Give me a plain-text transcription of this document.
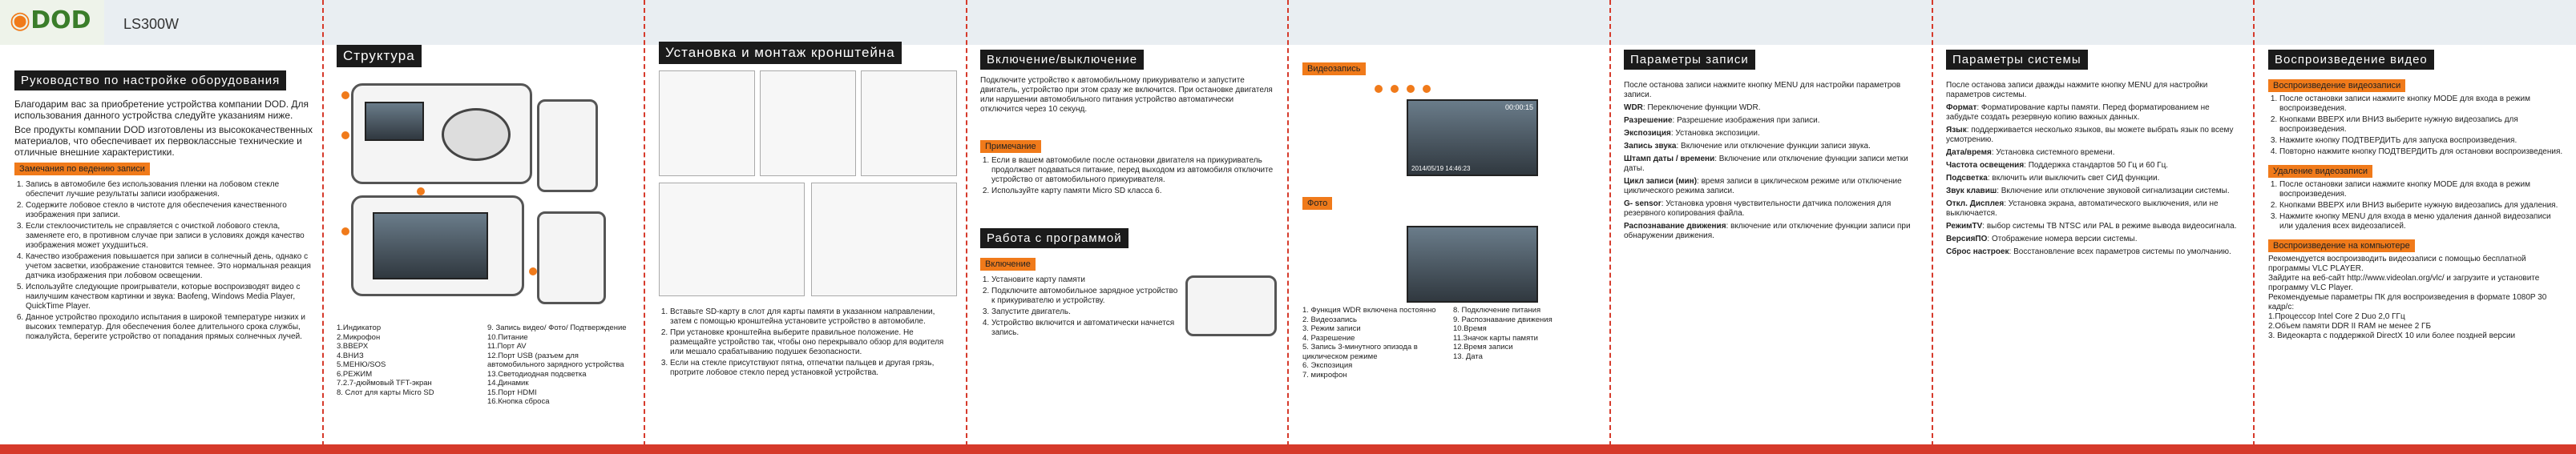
◉DOD LS300W
Руководство по настройке оборудования

Благодарим вас за приобретение устройства компании DOD. Для использования данного устройства следуйте указаниям ниже.

Все продукты компании DOD изготовлены из высококачественных материалов, что обеспечивает их первоклассные технические и отличные внешние характеристики.

Замечания по ведению записи
1. Запись в автомобиле без использования пленки на лобовом стекле обеспечит лучшие результаты записи изображения.
2. Содержите лобовое стекло в чистоте для обеспечения качественного изображения при записи.
3. Если стеклоочиститель не справляется с очисткой лобового стекла, заменяете его, в противном случае при записи в условиях дождя качество изображения может ухудшиться.
4. Качество изображения повышается при записи в солнечный день, однако с учетом засветки, изображение становится темнее. Это нормальная реакция датчика изображения при лобовом освещении.
5. Используйте следующие проигрыватели, которые воспроизводят видео с наилучшим качеством картинки и звука: Baofeng, Windows Media Player, QuickTime Player.
6. Данное устройство проходило испытания в широкой температуре низких и высоких температур. Для обеспечения более длительного срока службы, пожалуйста, берегите устройство от попадания прямых солнечных лучей.
Структура
1.Индикатор
2.Микрофон
3.ВВЕРХ
4.ВНИЗ
5.МЕНЮ/SOS
6.РЕЖИМ
7.2.7-дюймовый TFT-экран
8. Слот для карты Micro SD
9. Запись видео/ Фото/ Подтверждение
10.Питание
11.Порт AV
12.Порт USB (разъем для автомобильного зарядного устройства
13.Светодиодная подсветка
14.Динамик
15.Порт HDMI
16.Кнопка сброса
Установка и монтаж кронштейна
1. Вставьте SD-карту в слот для карты памяти в указанном направлении, затем с помощью кронштейна установите устройство в автомобиле.
2. При установке кронштейна выберите правильное положение. Не размещайте устройство так, чтобы оно перекрывало обзор для водителя или мешало срабатыванию подушек безопасности.
3. Если на стекле присутствуют пятна, отпечатки пальцев и другая грязь, протрите лобовое стекло перед установкой устройства.
Включение/выключение
Подключите устройство к автомобильному прикуривателю и запустите двигатель, устройство при этом сразу же включится. При остановке двигателя или нарушении автомобильного питания устройство автоматически отключится через 10 секунд.
Примечание
1. Если в вашем автомобиле после остановки двигателя на прикуриватель продолжает подаваться питание, перед выходом из автомобиля отключите устройство от автомобильного прикуривателя.
2. Используйте карту памяти Micro SD класса 6.
Работа с программой
Включение
1. Установите карту памяти
2. Подключите автомобильное зарядное устройство к прикуривателю и устройству.
3. Запустите двигатель.
4. Устройство включится и автоматически начнется запись.
Видеозапись
00:00:15
2014/05/19 14:46:23
Фото
1. Функция WDR включена постоянно
2. Видеозапись
3. Режим записи
4. Разрешение
5. Запись 3-минутного эпизода в циклическом режиме
6. Экспозиция
7. микрофон
8. Подключение питания
9. Распознавание движения
10.Время
11.Значок карты памяти
12.Время записи
13. Дата
Параметры записи

После останова записи нажмите кнопку MENU для настройки параметров записи.

WDR: Переключение функции WDR.

Разрешение: Разрешение изображения при записи.

Экспозиция: Установка экспозиции.

Запись звука: Включение или отключение функции записи звука.

Штамп даты / времени: Включение или отключение функции записи метки даты.

Цикл записи (мин): время записи в циклическом режиме или отключение циклического режима записи.

G- sensor: Установка уровня чувствительности датчика положения для резервного копирования файла.

Распознавание движения: включение или отключение функции записи при обнаружении движения.

Параметры системы

После останова записи дважды нажмите кнопку MENU для настройки параметров системы.

Формат: Форматирование карты памяти. Перед форматированием не забудьте создать резервную копию важных данных.

Язык: поддерживается несколько языков, вы можете выбрать язык по всему усмотрению.

Дата/время: Установка системного времени.

Частота освещения: Поддержка стандартов 50 Гц и 60 Гц.

Подсветка: включить или выключить свет СИД функции.

Звук клавиш: Включение или отключение звуковой сигнализации системы.

Откл. Дисплея: Установка экрана, автоматического выключения, или не выключается.

РежимTV: выбор системы TB NTSC или PAL в режиме вывода видеосигнала.

ВерсияПО: Отображение номера версии системы.

Сброс настроек: Восстановление всех параметров системы по умолчанию.

Воспроизведение видео
Воспроизведение видеозаписи
1. После остановки записи нажмите кнопку MODE для входа в режим воспроизведения.
2. Кнопками ВВЕРХ или ВНИЗ выберите нужную видеозапись для воспроизведения.
3. Нажмите кнопку ПОДТВЕРДИТЬ для запуска воспроизведения.
4. Повторно нажмите кнопку ПОДТВЕРДИТЬ для остановки воспроизведения.
Удаление видеозаписи
1. После остановки записи нажмите кнопку MODE для входа в режим воспроизведения.
2. Кнопками ВВЕРХ или ВНИЗ выберите нужную видеозапись для удаления.
3. Нажмите кнопку MENU для входа в меню удаления данной видеозаписи или удаления всех видеозаписей.
Воспроизведение на компьютере
Рекомендуется воспроизводить видеозаписи с помощью бесплатной программы VLC PLAYER.
Зайдите на веб-сайт http://www.videolan.org/vlc/ и загрузите и установите программу VLC Player.
Рекомендуемые параметры ПК для воспроизведения в формате 1080P 30 кадр/с:
1.Процессор Intel Core 2 Duo 2,0 ГГц
2.Объем памяти DDR II RAM не менее 2 ГБ
3. Видеокарта с поддержкой DirectX 10 или более поздней версии
